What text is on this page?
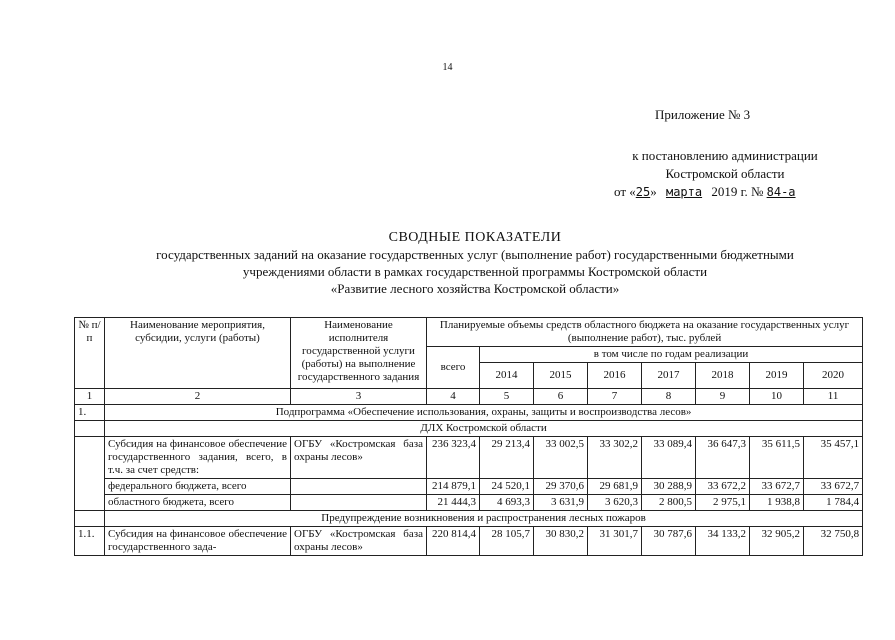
14
Приложение № 3
к постановлению администрации
Костромской области
от «25» марта 2019 г. № 84-а
СВОДНЫЕ ПОКАЗАТЕЛИ
государственных заданий на оказание государственных услуг (выполнение работ) государственными бюджетными
учреждениями области в рамках государственной программы Костромской области
«Развитие лесного хозяйства Костромской области»
№ п/п	Наименование мероприятия, субсидии, услуги (работы)	Наименование исполнителя государственной услуги (работы) на выполнение государственного задания	Планируемые объемы средств областного бюджета на оказание государственных услуг (выполнение работ), тыс. рублей							
			всего	в том числе по годам реализации						
				2014	2015	2016	2017	2018	2019	2020
1	2	3	4	5	6	7	8	9	10	11
1.	Подпрограмма «Обеспечение использования, охраны, защиты и воспроизводства лесов»									
	ДЛХ Костромской области									
	Субсидия на финансовое обеспечение государственного задания, всего, в т.ч. за счет средств:	ОГБУ «Костромская база охраны лесов»	236 323,4	29 213,4	33 002,5	33 302,2	33 089,4	36 647,3	35 611,5	35 457,1
	федерального бюджета, всего		214 879,1	24 520,1	29 370,6	29 681,9	30 288,9	33 672,2	33 672,7	33 672,7
	областного бюджета, всего		21 444,3	4 693,3	3 631,9	3 620,3	2 800,5	2 975,1	1 938,8	1 784,4
	Предупреждение возникновения и распространения лесных пожаров									
1.1.	Субсидия на финансовое обеспечение государственного зада-	ОГБУ «Костромская база охраны лесов»	220 814,4	28 105,7	30 830,2	31 301,7	30 787,6	34 133,2	32 905,2	32 750,8
